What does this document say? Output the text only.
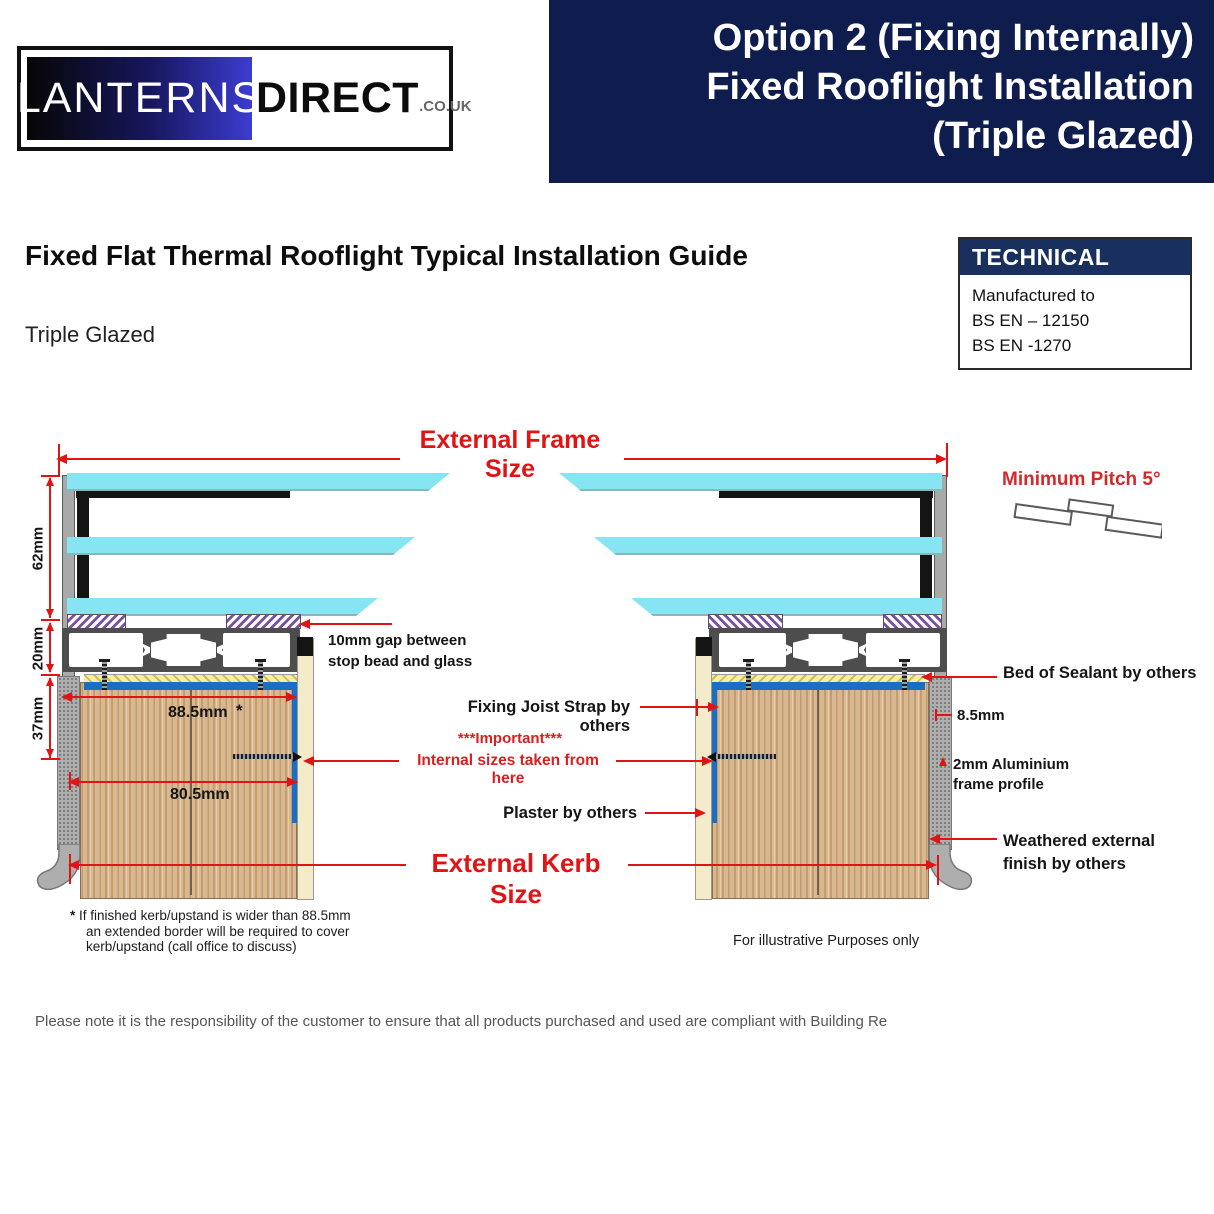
LANTERNS
DIRECT .CO.UK
Option 2 (Fixing Internally)
Fixed Rooflight Installation
(Triple Glazed)
Fixed Flat Thermal Rooflight Typical Installation Guide
Triple Glazed
TECHNICAL
Manufactured to
BS EN – 12150
BS EN -1270
External Frame Size
62mm
20mm
37mm	88.5mm *
80.5mm
10mm gap between
stop bead and glass
Fixing Joist Strap by others
***Important***
Internal sizes taken from here
Plaster by others
External Kerb Size
Bed of Sealant by others
8.5mm
2mm Aluminium
frame profile
Weathered external
finish by others
Minimum Pitch 5°
* If finished kerb/upstand is wider than 88.5mm
an extended border will be required to cover
kerb/upstand (call office to discuss)	For illustrative Purposes only
Please note it is the responsibility of the customer to ensure that all products purchased and used are compliant with Building Re
